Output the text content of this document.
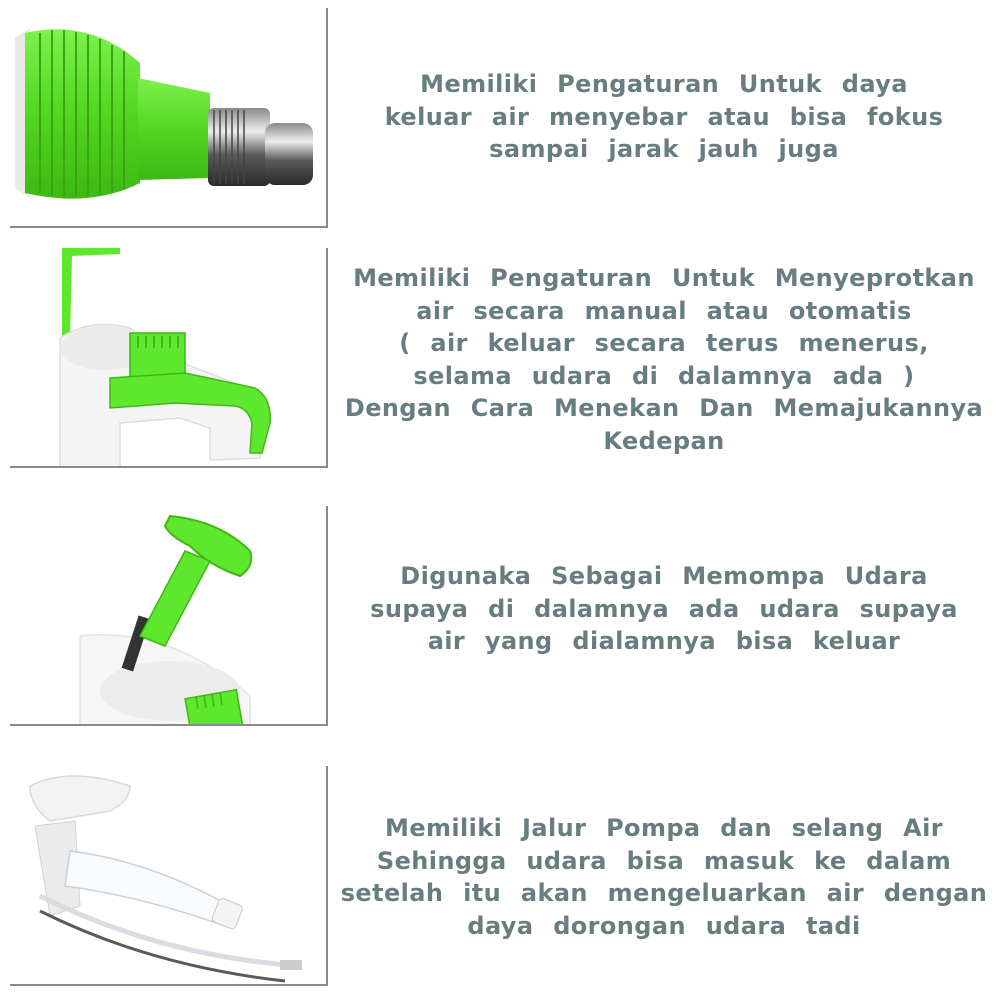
Memiliki Pengaturan Untuk daya
keluar air menyebar atau bisa fokus
sampai jarak jauh juga
Memiliki Pengaturan Untuk Menyeprotkan
air secara manual atau otomatis
( air keluar secara terus menerus,
selama udara di dalamnya ada )
Dengan Cara Menekan Dan Memajukannya
Kedepan
Digunaka Sebagai Memompa Udara
supaya di dalamnya ada udara supaya
air yang dialamnya bisa keluar
Memiliki Jalur Pompa dan selang Air
Sehingga udara bisa masuk ke dalam
setelah itu akan mengeluarkan air dengan
daya dorongan udara tadi
